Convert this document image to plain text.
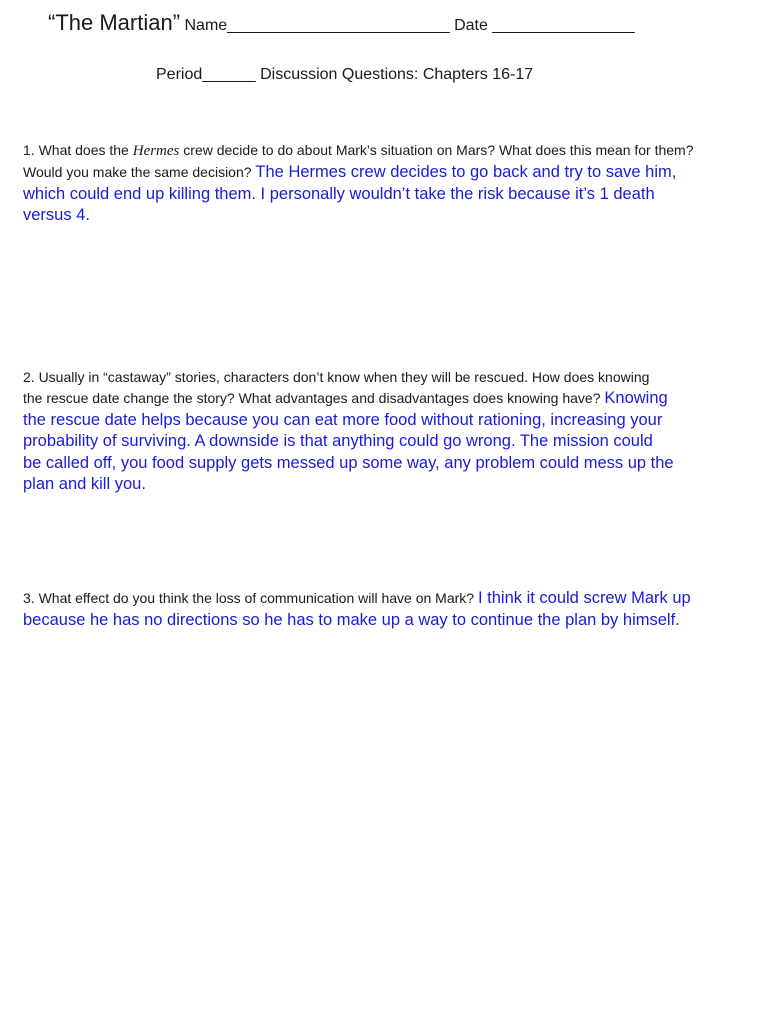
“The Martian” Name_________________________ Date ________________
Period______ Discussion Questions: Chapters 16-17
1. What does the Hermes crew decide to do about Mark’s situation on Mars? What does this mean for them?
Would you make the same decision? The Hermes crew decides to go back and try to save him,
which could end up killing them. I personally wouldn’t take the risk because it’s 1 death
versus 4.
2. Usually in “castaway” stories, characters don’t know when they will be rescued. How does knowing
the rescue date change the story? What advantages and disadvantages does knowing have? Knowing
the rescue date helps because you can eat more food without rationing, increasing your
probability of surviving. A downside is that anything could go wrong. The mission could
be called off, you food supply gets messed up some way, any problem could mess up the
plan and kill you.
3. What effect do you think the loss of communication will have on Mark? I think it could screw Mark up
because he has no directions so he has to make up a way to continue the plan by himself.
